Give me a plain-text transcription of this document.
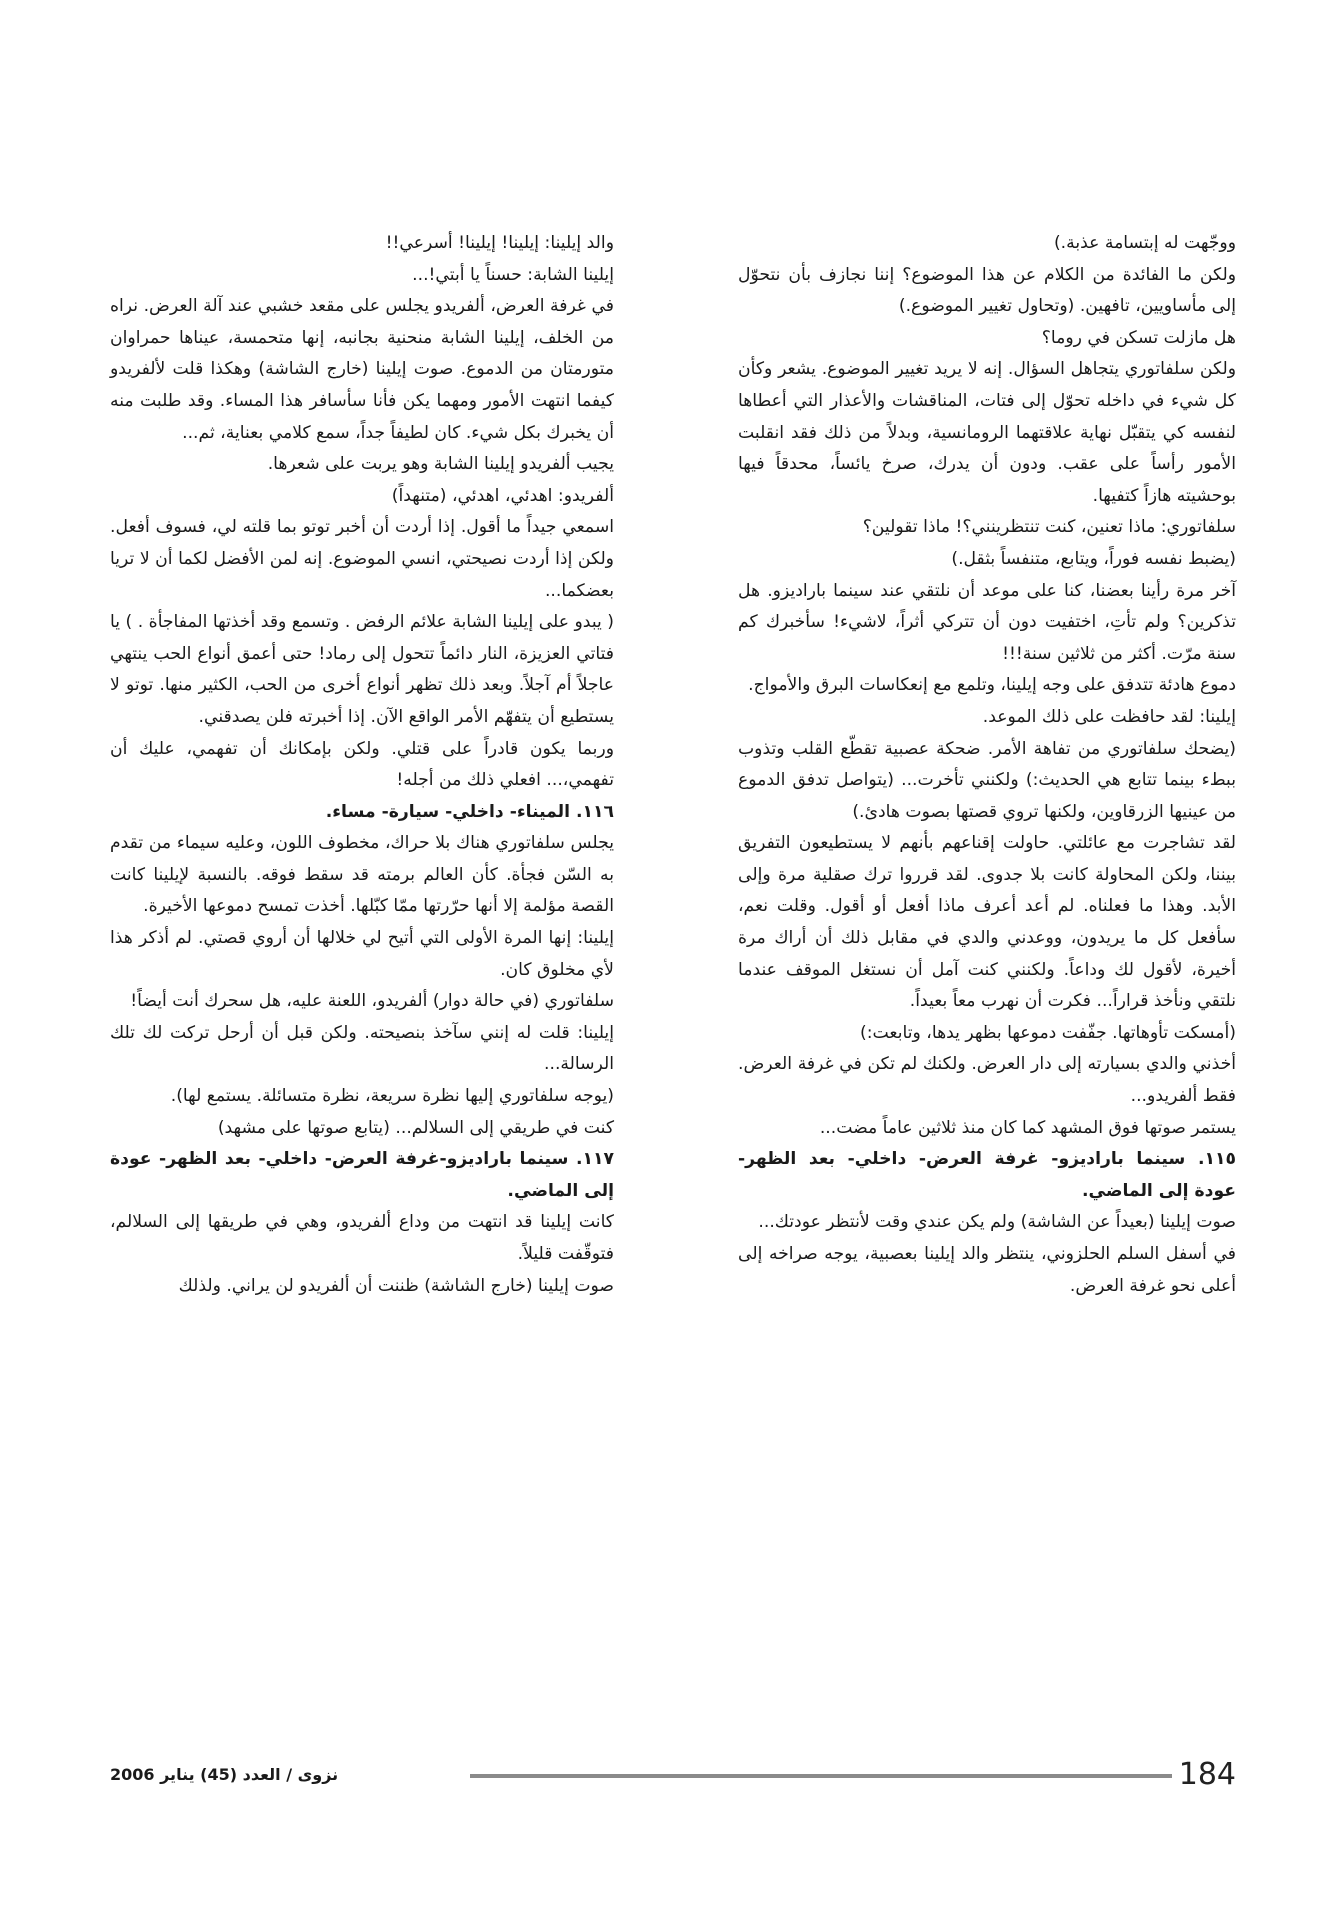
ووجّهت له إبتسامة عذبة.)

ولكن ما الفائدة من الكلام عن هذا الموضوع؟ إننا نجازف بأن نتحوّل إلى مأساويين، تافهين. (وتحاول تغيير الموضوع.)

هل مازلت تسكن في روما؟

ولكن سلفاتوري يتجاهل السؤال. إنه لا يريد تغيير الموضوع. يشعر وكأن كل شيء في داخله تحوّل إلى فتات، المناقشات والأعذار التي أعطاها لنفسه كي يتقبّل نهاية علاقتهما الرومانسية، وبدلاً من ذلك فقد انقلبت الأمور رأساً على عقب. ودون أن يدرك، صرخ يائساً، محدقاً فيها بوحشيته هازاً كتفيها.

سلفاتوري: ماذا تعنين، كنت تنتظرينني؟! ماذا تقولين؟

(يضبط نفسه فوراً، ويتابع، متنفساً بثقل.)

آخر مرة رأينا بعضنا، كنا على موعد أن نلتقي عند سينما باراديزو. هل تذكرين؟ ولم تأتِ، اختفيت دون أن تتركي أثراً، لاشيء! سأخبرك كم سنة مرّت. أكثر من ثلاثين سنة!!!

دموع هادئة تتدفق على وجه إيلينا، وتلمع مع إنعكاسات البرق والأمواج.

إيلينا: لقد حافظت على ذلك الموعد.

(يضحك سلفاتوري من تفاهة الأمر. ضحكة عصبية تقطّع القلب وتذوب ببطء بينما تتابع هي الحديث:) ولكنني تأخرت... (يتواصل تدفق الدموع من عينيها الزرقاوين، ولكنها تروي قصتها بصوت هادئ.)

لقد تشاجرت مع عائلتي. حاولت إقناعهم بأنهم لا يستطيعون التفريق بيننا، ولكن المحاولة كانت بلا جدوى. لقد قرروا ترك صقلية مرة وإلى الأبد. وهذا ما فعلناه. لم أعد أعرف ماذا أفعل أو أقول. وقلت نعم، سأفعل كل ما يريدون، ووعدني والدي في مقابل ذلك أن أراك مرة أخيرة، لأقول لك وداعاً. ولكنني كنت آمل أن نستغل الموقف عندما نلتقي ونأخذ قراراً... فكرت أن نهرب معاً بعيداً.

(أمسكت تأوهاتها. جفّفت دموعها بظهر يدها، وتابعت:)

أخذني والدي بسيارته إلى دار العرض. ولكنك لم تكن في غرفة العرض. فقط ألفريدو...

يستمر صوتها فوق المشهد كما كان منذ ثلاثين عاماً مضت...

١١٥. سينما باراديزو- غرفة العرض- داخلي- بعد الظهر- عودة إلى الماضي.

صوت إيلينا (بعيداً عن الشاشة) ولم يكن عندي وقت لأنتظر عودتك...

في أسفل السلم الحلزوني، ينتظر والد إيلينا بعصبية، يوجه صراخه إلى أعلى نحو غرفة العرض.

والد إيلينا: إيلينا! إيلينا! أسرعي!!

إيلينا الشابة: حسناً يا أبتي!...

في غرفة العرض، ألفريدو يجلس على مقعد خشبي عند آلة العرض. نراه من الخلف، إيلينا الشابة منحنية بجانبه، إنها متحمسة، عيناها حمراوان متورمتان من الدموع. صوت إيلينا (خارج الشاشة) وهكذا قلت لألفريدو كيفما انتهت الأمور ومهما يكن فأنا سأسافر هذا المساء. وقد طلبت منه أن يخبرك بكل شيء. كان لطيفاً جداً، سمع كلامي بعناية، ثم...

يجيب ألفريدو إيلينا الشابة وهو يربت على شعرها.

ألفريدو: اهدئي، اهدئي، (متنهداً)

اسمعي جيداً ما أقول. إذا أردت أن أخبر توتو بما قلته لي، فسوف أفعل. ولكن إذا أردت نصيحتي، انسي الموضوع. إنه لمن الأفضل لكما أن لا تريا بعضكما...

( يبدو على إيلينا الشابة علائم الرفض . وتسمع وقد أخذتها المفاجأة . ) يا فتاتي العزيزة، النار دائماً تتحول إلى رماد! حتى أعمق أنواع الحب ينتهي عاجلاً أم آجلاً. وبعد ذلك تظهر أنواع أخرى من الحب، الكثير منها. توتو لا يستطيع أن يتفهّم الأمر الواقع الآن. إذا أخبرته فلن يصدقني.

وربما يكون قادراً على قتلي. ولكن بإمكانك أن تفهمي، عليك أن تفهمي،... افعلي ذلك من أجله!

١١٦. الميناء- داخلي- سيارة- مساء.

يجلس سلفاتوري هناك بلا حراك، مخطوف اللون، وعليه سيماء من تقدم به السّن فجأة. كأن العالم برمته قد سقط فوقه. بالنسبة لإيلينا كانت القصة مؤلمة إلا أنها حرّرتها ممّا كبّلها. أخذت تمسح دموعها الأخيرة.

إيلينا: إنها المرة الأولى التي أتيح لي خلالها أن أروي قصتي. لم أذكر هذا لأي مخلوق كان.

سلفاتوري (في حالة دوار) ألفريدو، اللعنة عليه، هل سحرك أنت أيضاً!

إيلينا: قلت له إنني سآخذ بنصيحته. ولكن قبل أن أرحل تركت لك تلك الرسالة...

(يوجه سلفاتوري إليها نظرة سريعة، نظرة متسائلة. يستمع لها).

كنت في طريقي إلى السلالم... (يتابع صوتها على مشهد)

١١٧. سينما باراديزو-غرفة العرض- داخلي- بعد الظهر- عودة إلى الماضي.

كانت إيلينا قد انتهت من وداع ألفريدو، وهي في طريقها إلى السلالم، فتوقّفت قليلاً.

صوت إيلينا (خارج الشاشة) ظننت أن ألفريدو لن يراني. ولذلك

نزوى / العدد (45) يناير 2006	184
